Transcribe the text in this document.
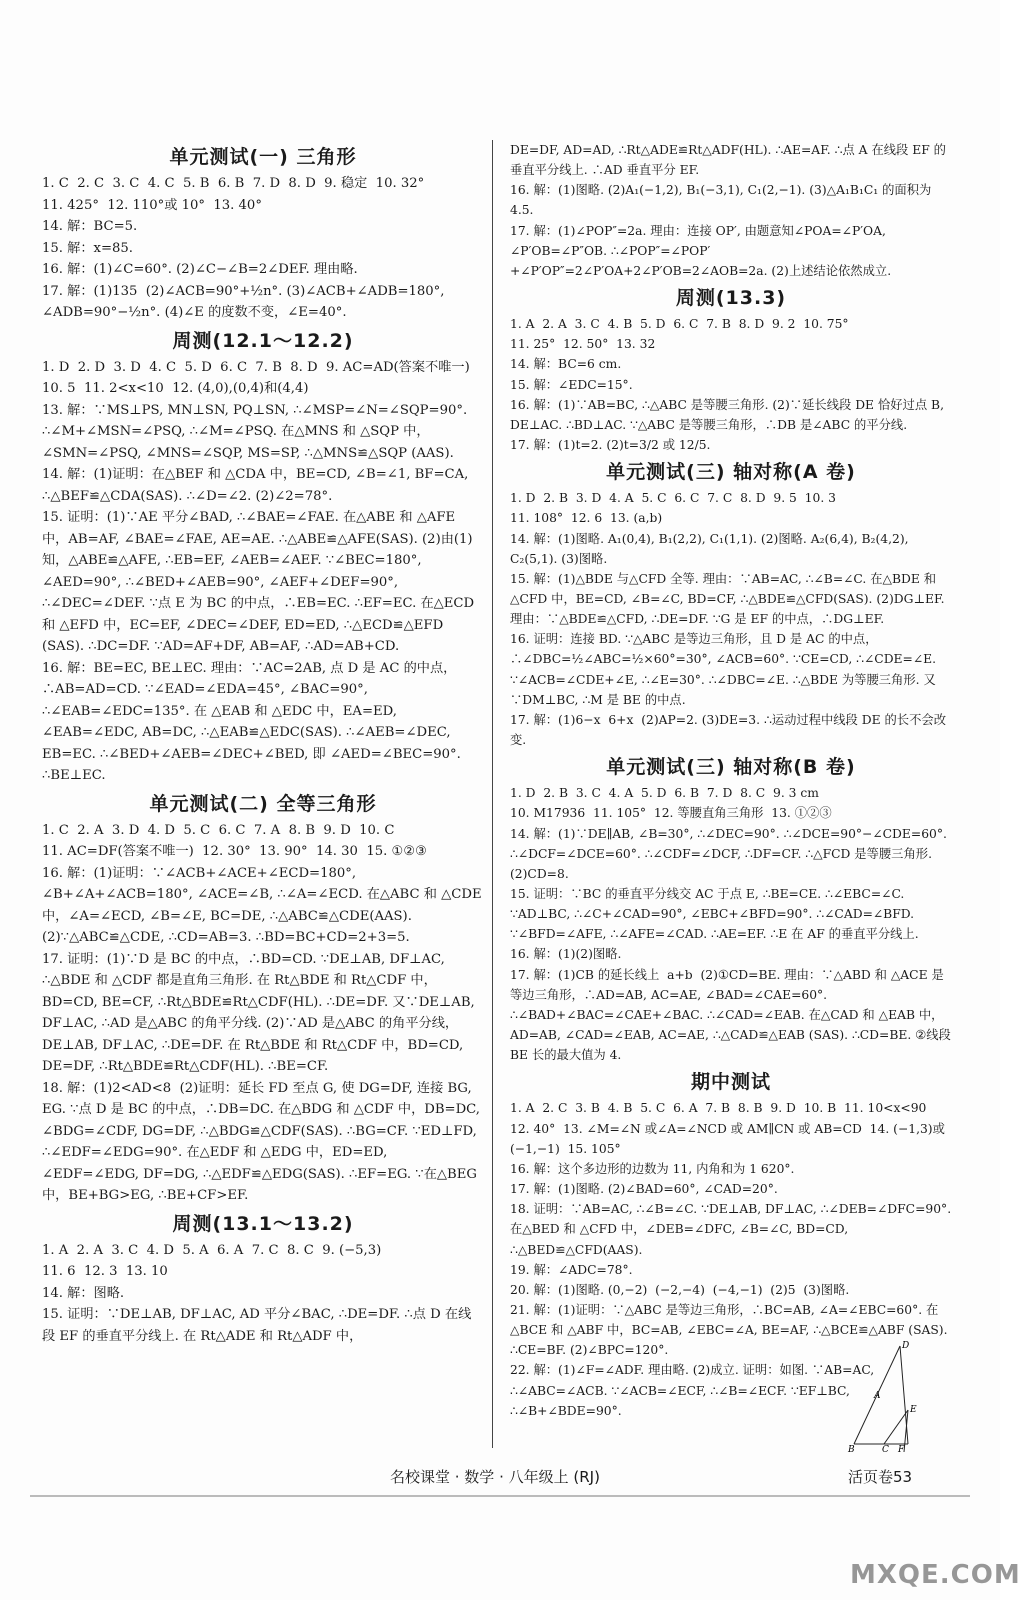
单元测试(一) 三角形
1. C  2. C  3. C  4. C  5. B  6. B  7. D  8. D  9. 稳定  10. 32°
11. 425°  12. 110°或 10°  13. 40°
14. 解：BC=5.
15. 解：x=85.
16. 解：(1)∠C=60°. (2)∠C−∠B=2∠DEF. 理由略.
17. 解：(1)135  (2)∠ACB=90°+½n°. (3)∠ACB+∠ADB=180°,
∠ADB=90°−½n°. (4)∠E 的度数不变，∠E=40°.
周测(12.1～12.2)
1. D  2. D  3. D  4. C  5. D  6. C  7. B  8. D  9. AC=AD(答案不唯一)  10. 5  11. 2<x<10  12. (4,0),(0,4)和(4,4)
13. 解：∵MS⊥PS, MN⊥SN, PQ⊥SN, ∴∠MSP=∠N=∠SQP=90°. ∴∠M+∠MSN=∠PSQ, ∴∠M=∠PSQ. 在△MNS 和 △SQP 中，∠SMN=∠PSQ, ∠MNS=∠SQP, MS=SP, ∴△MNS≌△SQP (AAS).
14. 解：(1)证明：在△BEF 和 △CDA 中，BE=CD, ∠B=∠1, BF=CA, ∴△BEF≌△CDA(SAS). ∴∠D=∠2. (2)∠2=78°.
15. 证明：(1)∵AE 平分∠BAD, ∴∠BAE=∠FAE. 在△ABE 和 △AFE 中，AB=AF, ∠BAE=∠FAE, AE=AE. ∴△ABE≌△AFE(SAS). (2)由(1)知，△ABE≌△AFE, ∴EB=EF, ∠AEB=∠AEF. ∵∠BEC=180°, ∠AED=90°, ∴∠BED+∠AEB=90°, ∠AEF+∠DEF=90°, ∴∠DEC=∠DEF. ∵点 E 为 BC 的中点，∴EB=EC. ∴EF=EC. 在△ECD 和 △EFD 中，EC=EF, ∠DEC=∠DEF, ED=ED, ∴△ECD≌△EFD (SAS). ∴DC=DF. ∵AD=AF+DF, AB=AF, ∴AD=AB+CD.
16. 解：BE=EC, BE⊥EC. 理由：∵AC=2AB, 点 D 是 AC 的中点，∴AB=AD=CD. ∵∠EAD=∠EDA=45°, ∠BAC=90°, ∴∠EAB=∠EDC=135°. 在 △EAB 和 △EDC 中，EA=ED, ∠EAB=∠EDC, AB=DC, ∴△EAB≌△EDC(SAS). ∴∠AEB=∠DEC, EB=EC. ∴∠BED+∠AEB=∠DEC+∠BED, 即 ∠AED=∠BEC=90°. ∴BE⊥EC.
单元测试(二) 全等三角形
1. C  2. A  3. D  4. D  5. C  6. C  7. A  8. B  9. D  10. C
11. AC=DF(答案不唯一)  12. 30°  13. 90°  14. 30  15. ①②③
16. 解：(1)证明：∵∠ACB+∠ACE+∠ECD=180°, ∠B+∠A+∠ACB=180°, ∠ACE=∠B, ∴∠A=∠ECD. 在△ABC 和 △CDE 中，∠A=∠ECD, ∠B=∠E, BC=DE, ∴△ABC≌△CDE(AAS). (2)∵△ABC≌△CDE, ∴CD=AB=3. ∴BD=BC+CD=2+3=5.
17. 证明：(1)∵D 是 BC 的中点，∴BD=CD. ∵DE⊥AB, DF⊥AC, ∴△BDE 和 △CDF 都是直角三角形. 在 Rt△BDE 和 Rt△CDF 中，BD=CD, BE=CF, ∴Rt△BDE≌Rt△CDF(HL). ∴DE=DF. 又∵DE⊥AB, DF⊥AC, ∴AD 是△ABC 的角平分线. (2)∵AD 是△ABC 的角平分线，DE⊥AB, DF⊥AC, ∴DE=DF. 在 Rt△BDE 和 Rt△CDF 中，BD=CD, DE=DF, ∴Rt△BDE≌Rt△CDF(HL). ∴BE=CF.
18. 解：(1)2<AD<8  (2)证明：延长 FD 至点 G, 使 DG=DF, 连接 BG, EG. ∵点 D 是 BC 的中点，∴DB=DC. 在△BDG 和 △CDF 中，DB=DC, ∠BDG=∠CDF, DG=DF, ∴△BDG≌△CDF(SAS). ∴BG=CF. ∵ED⊥FD, ∴∠EDF=∠EDG=90°. 在△EDF 和 △EDG 中，ED=ED, ∠EDF=∠EDG, DF=DG, ∴△EDF≌△EDG(SAS). ∴EF=EG. ∵在△BEG 中，BE+BG>EG, ∴BE+CF>EF.
周测(13.1～13.2)
1. A  2. A  3. C  4. D  5. A  6. A  7. C  8. C  9. (−5,3)
11. 6  12. 3  13. 10
14. 解：图略.
15. 证明：∵DE⊥AB, DF⊥AC, AD 平分∠BAC, ∴DE=DF. ∴点 D 在线段 EF 的垂直平分线上. 在 Rt△ADE 和 Rt△ADF 中，
DE=DF, AD=AD, ∴Rt△ADE≌Rt△ADF(HL). ∴AE=AF. ∴点 A 在线段 EF 的垂直平分线上. ∴AD 垂直平分 EF.
16. 解：(1)图略. (2)A₁(−1,2), B₁(−3,1), C₁(2,−1). (3)△A₁B₁C₁ 的面积为 4.5.
17. 解：(1)∠POP″=2a. 理由：连接 OP′, 由题意知∠POA=∠P′OA, ∠P′OB=∠P″OB. ∴∠POP″=∠POP′+∠P′OP″=2∠P′OA+2∠P′OB=2∠AOB=2a. (2)上述结论依然成立.
周测(13.3)
1. A  2. A  3. C  4. B  5. D  6. C  7. B  8. D  9. 2  10. 75°
11. 25°  12. 50°  13. 32
14. 解：BC=6 cm.
15. 解：∠EDC=15°.
16. 解：(1)∵AB=BC, ∴△ABC 是等腰三角形. (2)∵延长线段 DE 恰好过点 B, DE⊥AC. ∴BD⊥AC. ∵△ABC 是等腰三角形，∴DB 是∠ABC 的平分线.
17. 解：(1)t=2. (2)t=3/2 或 12/5.
单元测试(三) 轴对称(A 卷)
1. D  2. B  3. D  4. A  5. C  6. C  7. C  8. D  9. 5  10. 3
11. 108°  12. 6  13. (a,b)
14. 解：(1)图略. A₁(0,4), B₁(2,2), C₁(1,1). (2)图略. A₂(6,4), B₂(4,2), C₂(5,1). (3)图略.
15. 解：(1)△BDE 与△CFD 全等. 理由：∵AB=AC, ∴∠B=∠C. 在△BDE 和 △CFD 中，BE=CD, ∠B=∠C, BD=CF, ∴△BDE≌△CFD(SAS). (2)DG⊥EF. 理由：∵△BDE≌△CFD, ∴DE=DF. ∵G 是 EF 的中点，∴DG⊥EF.
16. 证明：连接 BD. ∵△ABC 是等边三角形，且 D 是 AC 的中点，∴∠DBC=½∠ABC=½×60°=30°, ∠ACB=60°. ∵CE=CD, ∴∠CDE=∠E. ∵∠ACB=∠CDE+∠E, ∴∠E=30°. ∴∠DBC=∠E. ∴△BDE 为等腰三角形. 又∵DM⊥BC, ∴M 是 BE 的中点.
17. 解：(1)6−x  6+x  (2)AP=2. (3)DE=3. ∴运动过程中线段 DE 的长不会改变.
单元测试(三) 轴对称(B 卷)
1. D  2. B  3. C  4. A  5. D  6. B  7. D  8. C  9. 3 cm
10. M17936  11. 105°  12. 等腰直角三角形  13. ①②③
14. 解：(1)∵DE∥AB, ∠B=30°, ∴∠DEC=90°. ∴∠DCE=90°−∠CDE=60°. ∴∠DCF=∠DCE=60°. ∴∠CDF=∠DCF, ∴DF=CF. ∴△FCD 是等腰三角形. (2)CD=8.
15. 证明：∵BC 的垂直平分线交 AC 于点 E, ∴BE=CE. ∴∠EBC=∠C. ∵AD⊥BC, ∴∠C+∠CAD=90°, ∠EBC+∠BFD=90°. ∴∠CAD=∠BFD. ∵∠BFD=∠AFE, ∴∠AFE=∠CAD. ∴AE=EF. ∴E 在 AF 的垂直平分线上.
16. 解：(1)(2)图略.
17. 解：(1)CB 的延长线上  a+b  (2)①CD=BE. 理由：∵△ABD 和 △ACE 是等边三角形，∴AD=AB, AC=AE, ∠BAD=∠CAE=60°. ∴∠BAD+∠BAC=∠CAE+∠BAC. ∴∠CAD=∠EAB. 在△CAD 和 △EAB 中，AD=AB, ∠CAD=∠EAB, AC=AE, ∴△CAD≌△EAB (SAS). ∴CD=BE. ②线段 BE 长的最大值为 4.
期中测试
1. A  2. C  3. B  4. B  5. C  6. A  7. B  8. B  9. D  10. B  11. 10<x<90  12. 40°  13. ∠M=∠N 或∠A=∠NCD 或 AM∥CN 或 AB=CD  14. (−1,3)或(−1,−1)  15. 105°
16. 解：这个多边形的边数为 11, 内角和为 1 620°.
17. 解：(1)图略. (2)∠BAD=60°, ∠CAD=20°.
18. 证明：∵AB=AC, ∴∠B=∠C. ∵DE⊥AB, DF⊥AC, ∴∠DEB=∠DFC=90°. 在△BED 和 △CFD 中，∠DEB=∠DFC, ∠B=∠C, BD=CD, ∴△BED≌△CFD(AAS).
19. 解：∠ADC=78°.
20. 解：(1)图略. (0,−2)  (−2,−4)  (−4,−1)  (2)5  (3)图略.
21. 解：(1)证明：∵△ABC 是等边三角形，∴BC=AB, ∠A=∠EBC=60°. 在△BCE 和 △ABF 中，BC=AB, ∠EBC=∠A, BE=AF, ∴△BCE≌△ABF (SAS). ∴CE=BF. (2)∠BPC=120°.
22. 解：(1)∠F=∠ADF. 理由略. (2)成立. 证明：如图. ∵AB=AC, ∴∠ABC=∠ACB. ∵∠ACB=∠ECF, ∴∠B=∠ECF. ∵EF⊥BC, ∴∠B+∠BDE=90°.
D
A
B	C
E
F
名校课堂 · 数学 · 八年级上 (RJ)	活页卷53
MXQE.COM
